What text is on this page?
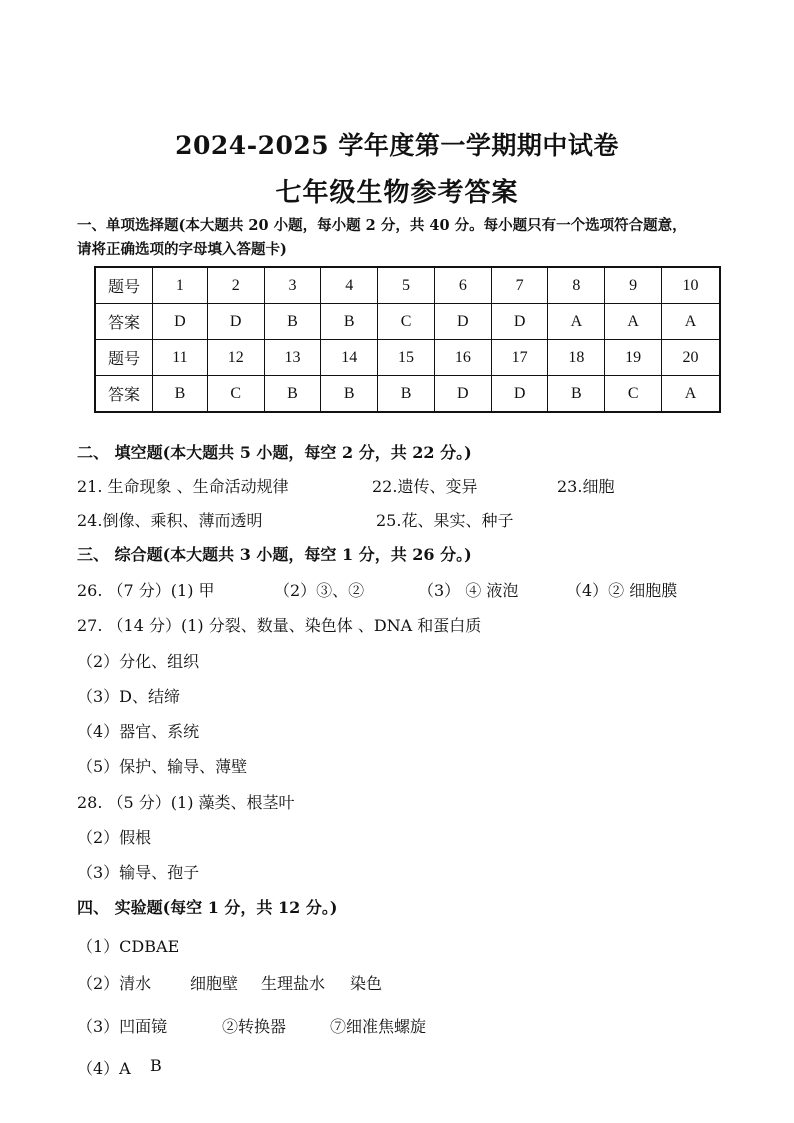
2024-2025 学年度第一学期期中试卷
七年级生物参考答案
一、单项选择题(本大题共 20 小题，每小题 2 分，共 40 分。每小题只有一个选项符合题意，
请将正确选项的字母填入答题卡)
题号	1	2	3	4	5	6	7	8	9	10
答案	D	D	B	B	C	D	D	A	A	A
题号	11	12	13	14	15	16	17	18	19	20
答案	B	C	B	B	B	D	D	B	C	A
二、 填空题(本大题共 5 小题，每空 2 分，共 22 分。)
21. 生命现象 、生命活动规律	22.遗传、变异	23.细胞
24.倒像、乘积、薄而透明	25.花、果实、种子
三、 综合题(本大题共 3 小题，每空 1 分，共 26 分。)
26. （7 分）(1) 甲	（2）③、②	（3） ④ 液泡	（4）② 细胞膜
27. （14 分）(1) 分裂、数量、染色体 、DNA 和蛋白质
（2）分化、组织
（3）D、结缔
（4）器官、系统
（5）保护、输导、薄壁
28. （5 分）(1) 藻类、根茎叶
（2）假根
（3）输导、孢子
四、 实验题(每空 1 分，共 12 分。)
（1）CDBAE
（2）清水 细胞壁 生理盐水 染色
（3）凹面镜	②转换器	⑦细准焦螺旋
（4）A B
